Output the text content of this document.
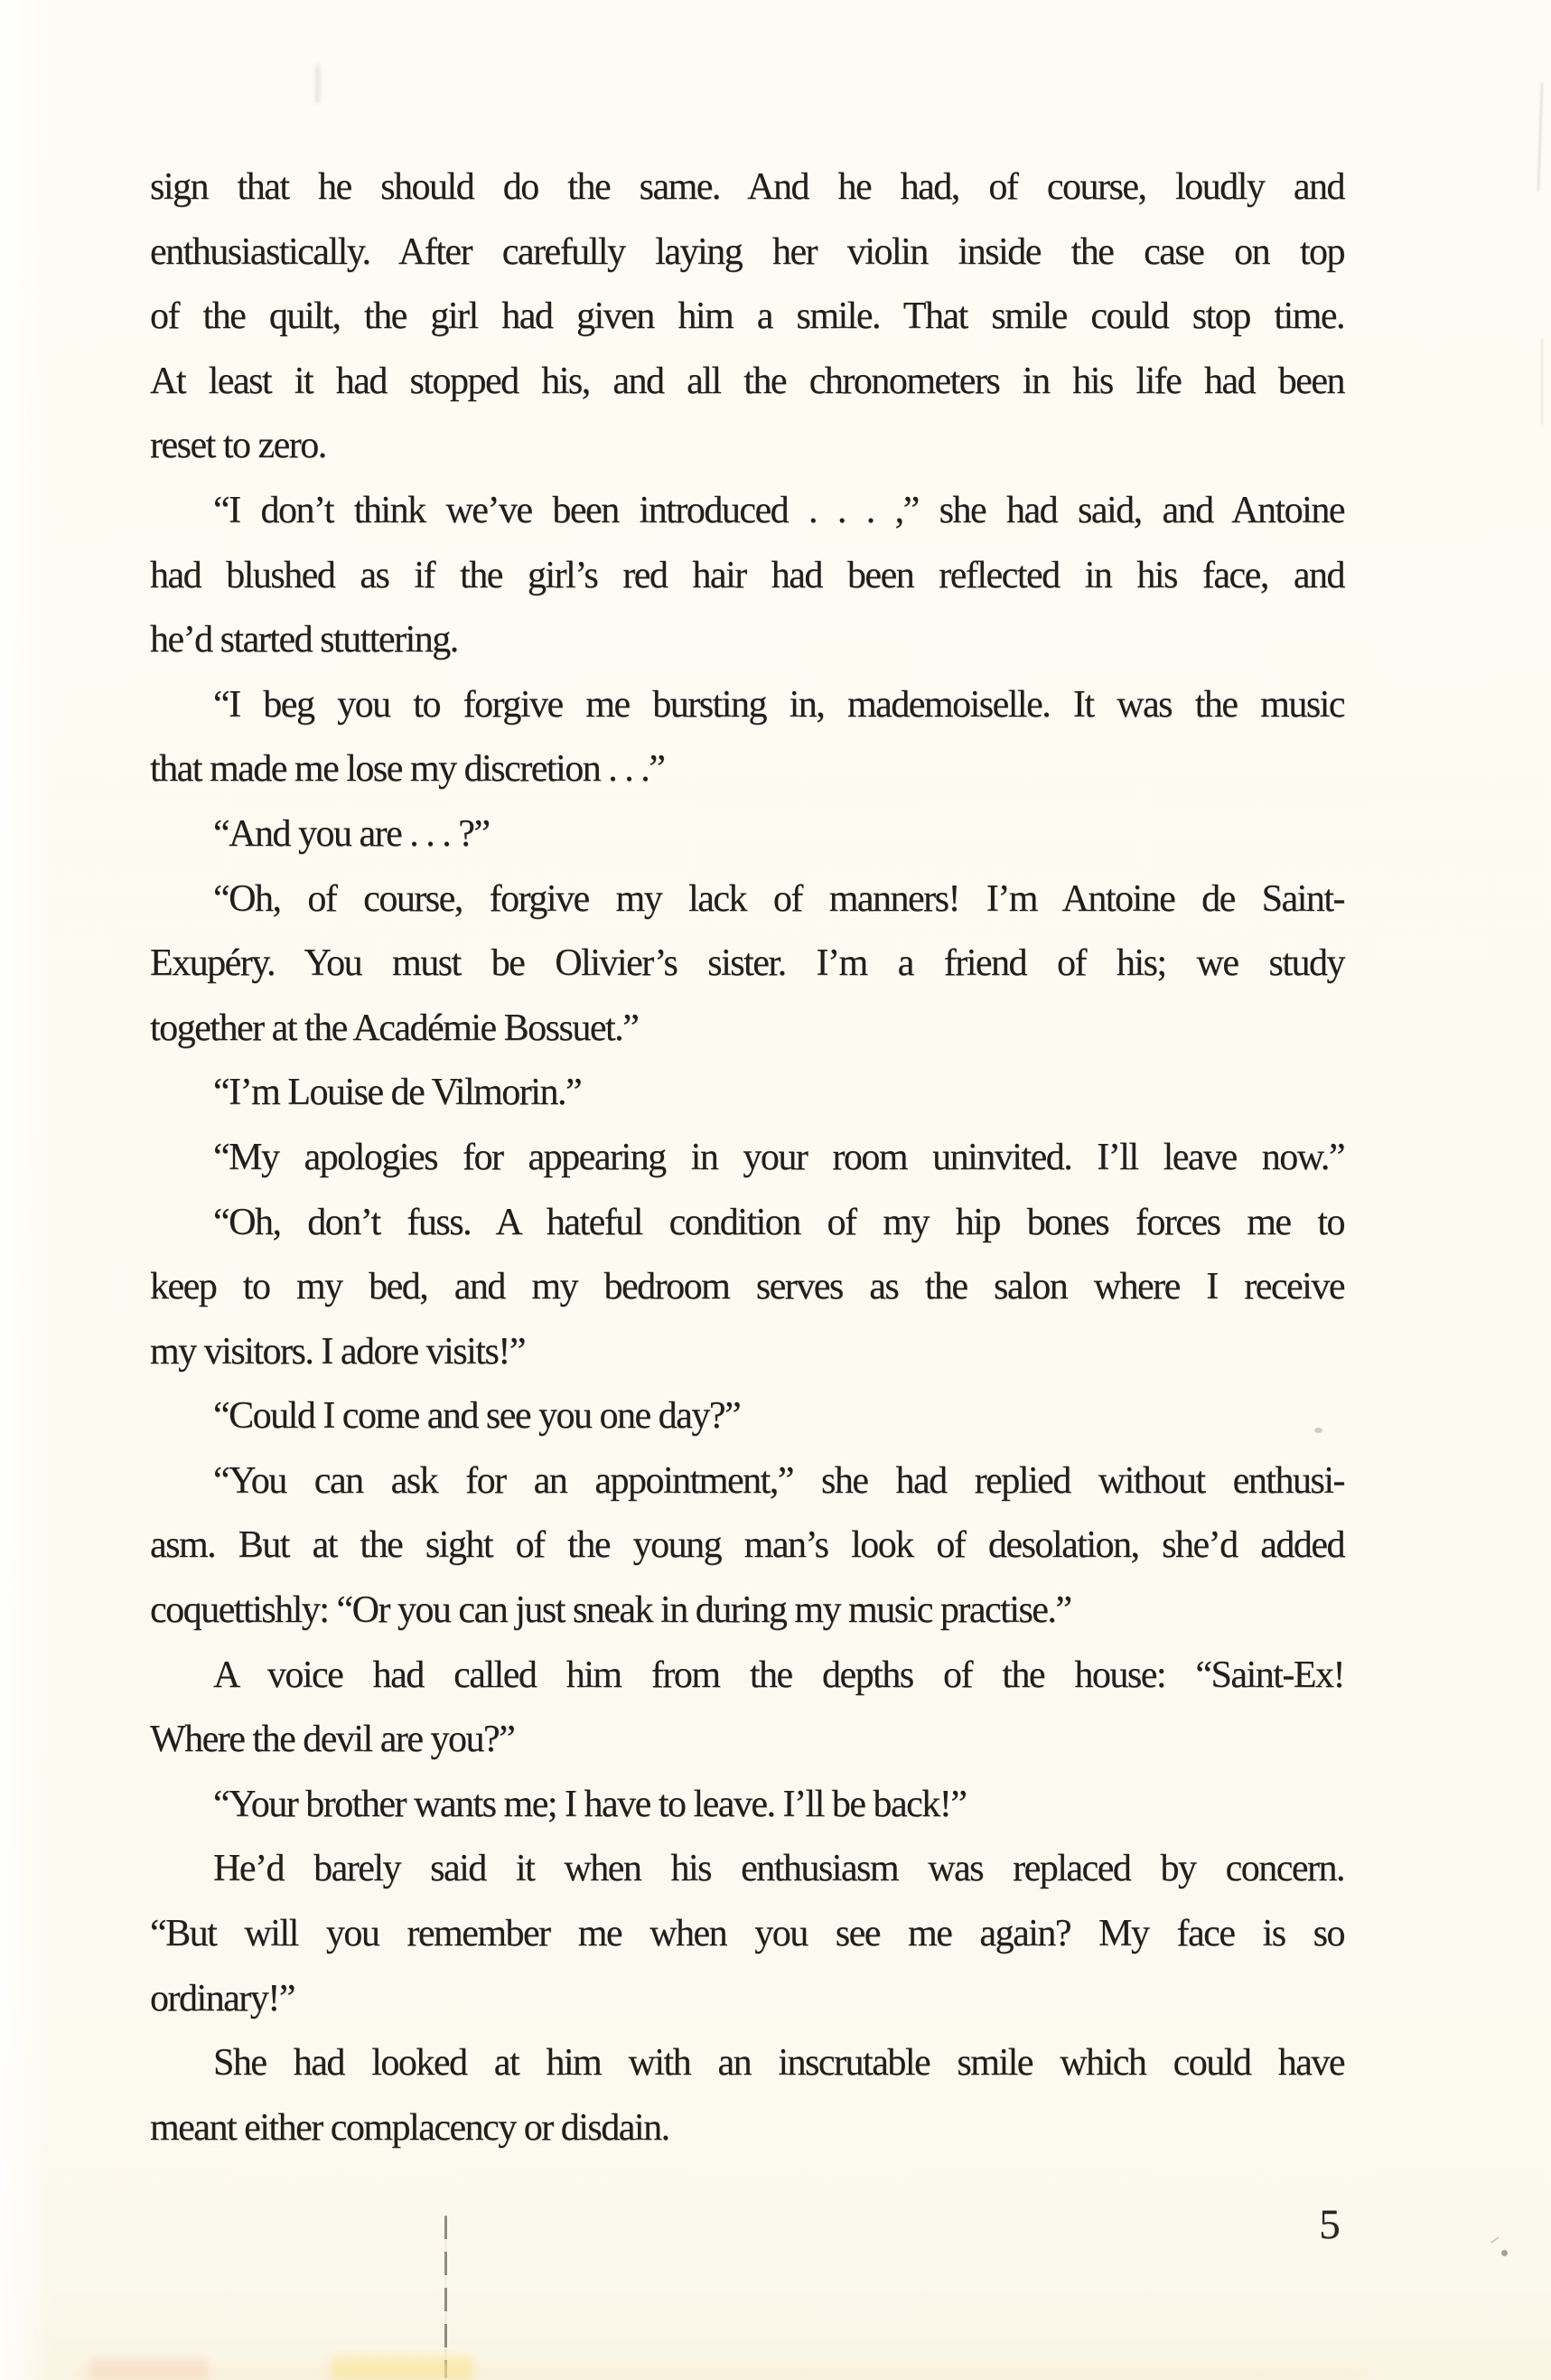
sign that he should do the same. And he had, of course, loudly and
enthusiastically. After carefully laying her violin inside the case on top
of the quilt, the girl had given him a smile. That smile could stop time.
At least it had stopped his, and all the chronometers in his life had been
reset to zero.
“I don’t think we’ve been introduced . . . ,” she had said, and Antoine
had blushed as if the girl’s red hair had been reflected in his face, and
he’d started stuttering.
“I beg you to forgive me bursting in, mademoiselle. It was the music
that made me lose my discretion . . .”
“And you are . . . ?”
“Oh, of course, forgive my lack of manners! I’m Antoine de Saint-
Exupéry. You must be Olivier’s sister. I’m a friend of his; we study
together at the Académie Bossuet.”
“I’m Louise de Vilmorin.”
“My apologies for appearing in your room uninvited. I’ll leave now.”
“Oh, don’t fuss. A hateful condition of my hip bones forces me to
keep to my bed, and my bedroom serves as the salon where I receive
my visitors. I adore visits!”
“Could I come and see you one day?”
“You can ask for an appointment,” she had replied without enthusi-
asm. But at the sight of the young man’s look of desolation, she’d added
coquettishly: “Or you can just sneak in during my music practise.”
A voice had called him from the depths of the house: “Saint-Ex!
Where the devil are you?”
“Your brother wants me; I have to leave. I’ll be back!”
He’d barely said it when his enthusiasm was replaced by concern.
“But will you remember me when you see me again? My face is so
ordinary!”
She had looked at him with an inscrutable smile which could have
meant either complacency or disdain.
5
